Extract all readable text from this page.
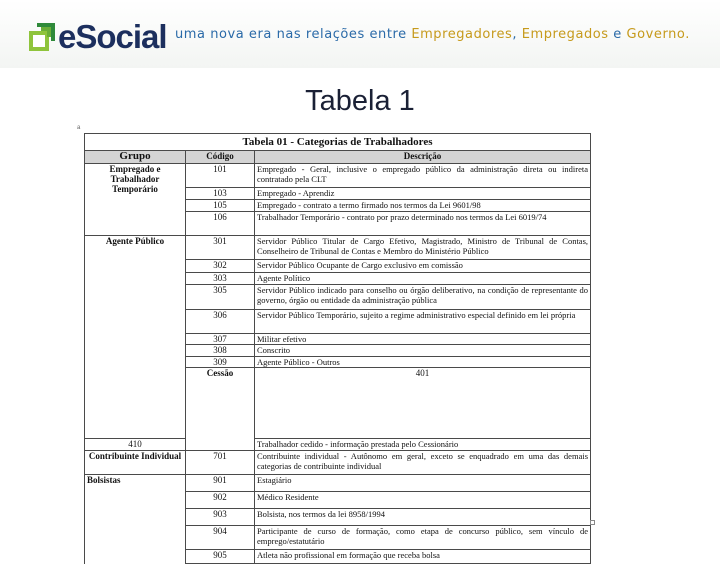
eSocial uma nova era nas relações entre Empregadores, Empregados e Governo.
Tabela 1
a
Tabela 01 - Categorias de Trabalhadores			
Grupo	Código	Descrição	
Empregado e Trabalhador Temporário	101	Empregado - Geral, inclusive o empregado público da administração direta ou indireta contratado pela CLT	
	103	Empregado - Aprendiz	
	105	Empregado - contrato a termo firmado nos termos da Lei 9601/98	
	106	Trabalhador Temporário - contrato por prazo determinado nos termos da Lei 6019/74	
Agente Público	301	Servidor Público Titular de Cargo Efetivo, Magistrado, Ministro de Tribunal de Contas, Conselheiro de Tribunal de Contas e Membro do Ministério Público	
	302	Servidor Público Ocupante de Cargo exclusivo em comissão	
	303	Agente Político	
	305	Servidor Público indicado para conselho ou órgão deliberativo, na condição de representante do governo, órgão ou entidade da administração pública	
	306	Servidor Público Temporário, sujeito a regime administrativo especial definido em lei própria	
	307	Militar efetivo	
	308	Conscrito	
	309	Agente Público - Outros	
	Cessão	401	
410		Trabalhador cedido - informação prestada pelo Cessionário	
Contribuinte Individual	701	Contribuinte individual - Autônomo em geral, exceto se enquadrado em uma das demais categorias de contribuinte individual	
Bolsistas	901	Estagiário	
	902	Médico Residente	
	903	Bolsista, nos termos da lei 8958/1994	
	904	Participante de curso de formação, como etapa de concurso público, sem vínculo de emprego/estatutário	
	905	Atleta não profissional em formação que receba bolsa	
